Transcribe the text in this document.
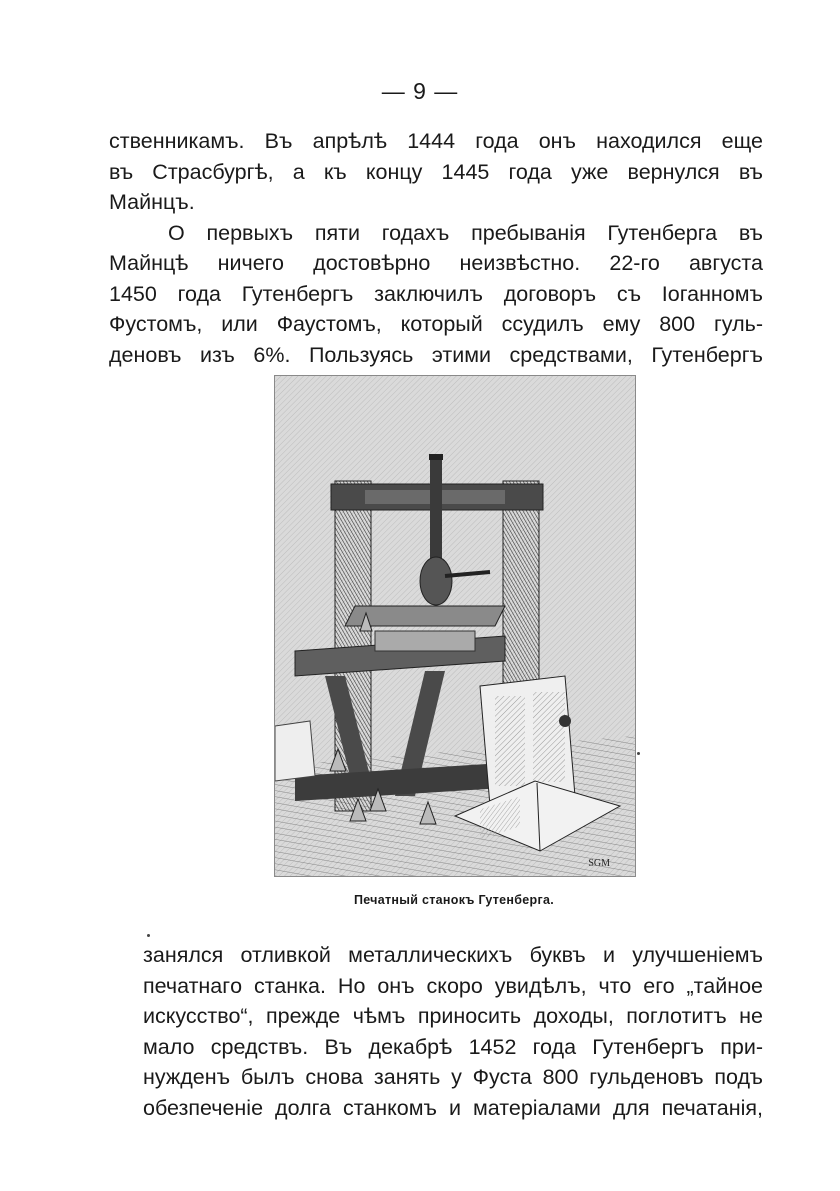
— 9 —
ственникамъ. Въ апрѣлѣ 1444 года онъ находился еще
въ Страсбургѣ, а къ концу 1445 года уже вернулся въ
Майнцъ.
О первыхъ пяти годахъ пребыванія Гутенберга въ
Майнцѣ ничего достовѣрно неизвѣстно. 22-го августа
1450 года Гутенбергъ заключилъ договоръ съ Іоганномъ
Фустомъ, или Фаустомъ, который ссудилъ ему 800 гуль-
деновъ изъ 6%. Пользуясь этими средствами, Гутенбергъ
SGM
Печатный станокъ Гутенберга.
занялся отливкой металлическихъ буквъ и улучшеніемъ
печатнагo станка. Но онъ скоро увидѣлъ, что его „тайное
искусство“, прежде чѣмъ приносить доходы, поглотитъ не
мало средствъ. Въ декабрѣ 1452 года Гутенбергъ при-
нужденъ былъ снова занять у Фуста 800 гульденовъ подъ
обезпеченіе долга станкомъ и матеріалами для печатанія,
